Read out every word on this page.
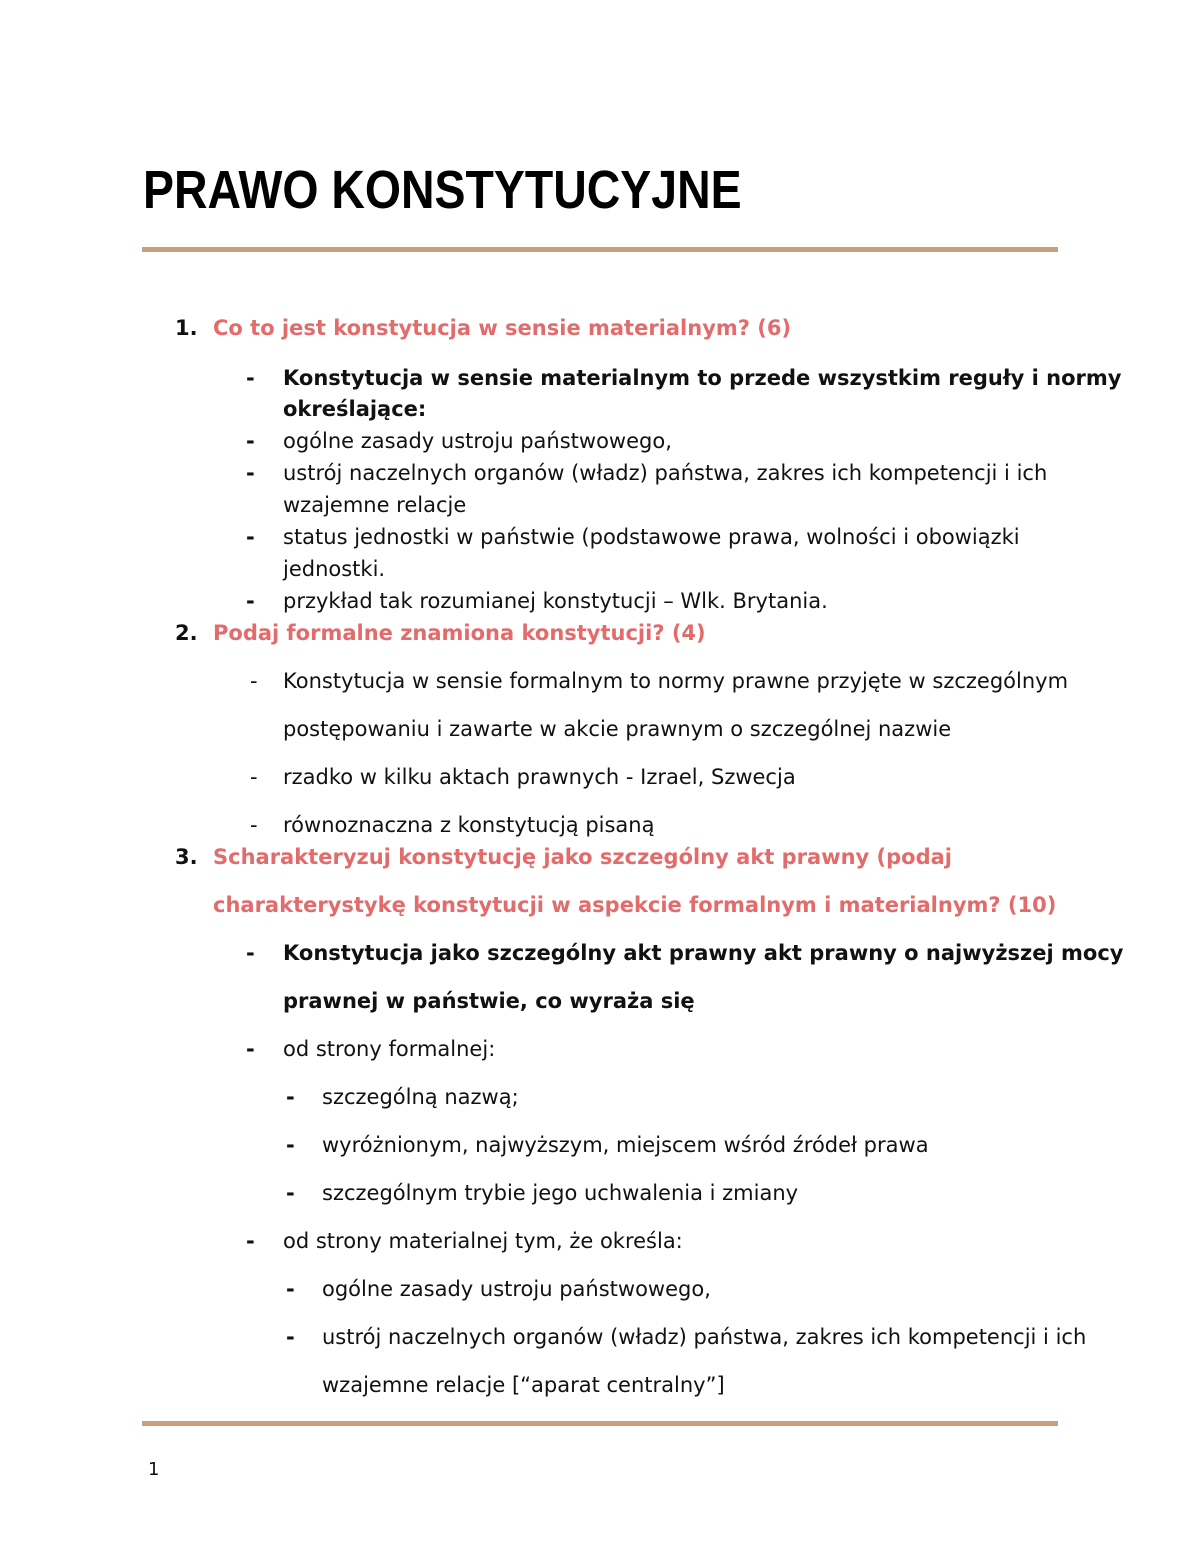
PRAWO KONSTYTUCYJNE
1. Co to jest konstytucja w sensie materialnym? (6)
- Konstytucja w sensie materialnym to przede wszystkim reguły i normy
określające:
- ogólne zasady ustroju państwowego,
- ustrój naczelnych organów (władz) państwa, zakres ich kompetencji i ich
wzajemne relacje
- status jednostki w państwie (podstawowe prawa, wolności i obowiązki
jednostki.
- przykład tak rozumianej konstytucji – Wlk. Brytania.
2. Podaj formalne znamiona konstytucji? (4)
- Konstytucja w sensie formalnym to normy prawne przyjęte w szczególnym
postępowaniu i zawarte w akcie prawnym o szczególnej nazwie
- rzadko w kilku aktach prawnych - Izrael, Szwecja
- równoznaczna z konstytucją pisaną
3. Scharakteryzuj konstytucję jako szczególny akt prawny (podaj
charakterystykę konstytucji w aspekcie formalnym i materialnym? (10)
- Konstytucja jako szczególny akt prawny akt prawny o najwyższej mocy
prawnej w państwie, co wyraża się
- od strony formalnej:
- szczególną nazwą;
- wyróżnionym, najwyższym, miejscem wśród źródeł prawa
- szczególnym trybie jego uchwalenia i zmiany
- od strony materialnej tym, że określa:
- ogólne zasady ustroju państwowego,
- ustrój naczelnych organów (władz) państwa, zakres ich kompetencji i ich
wzajemne relacje [“aparat centralny”]
1
